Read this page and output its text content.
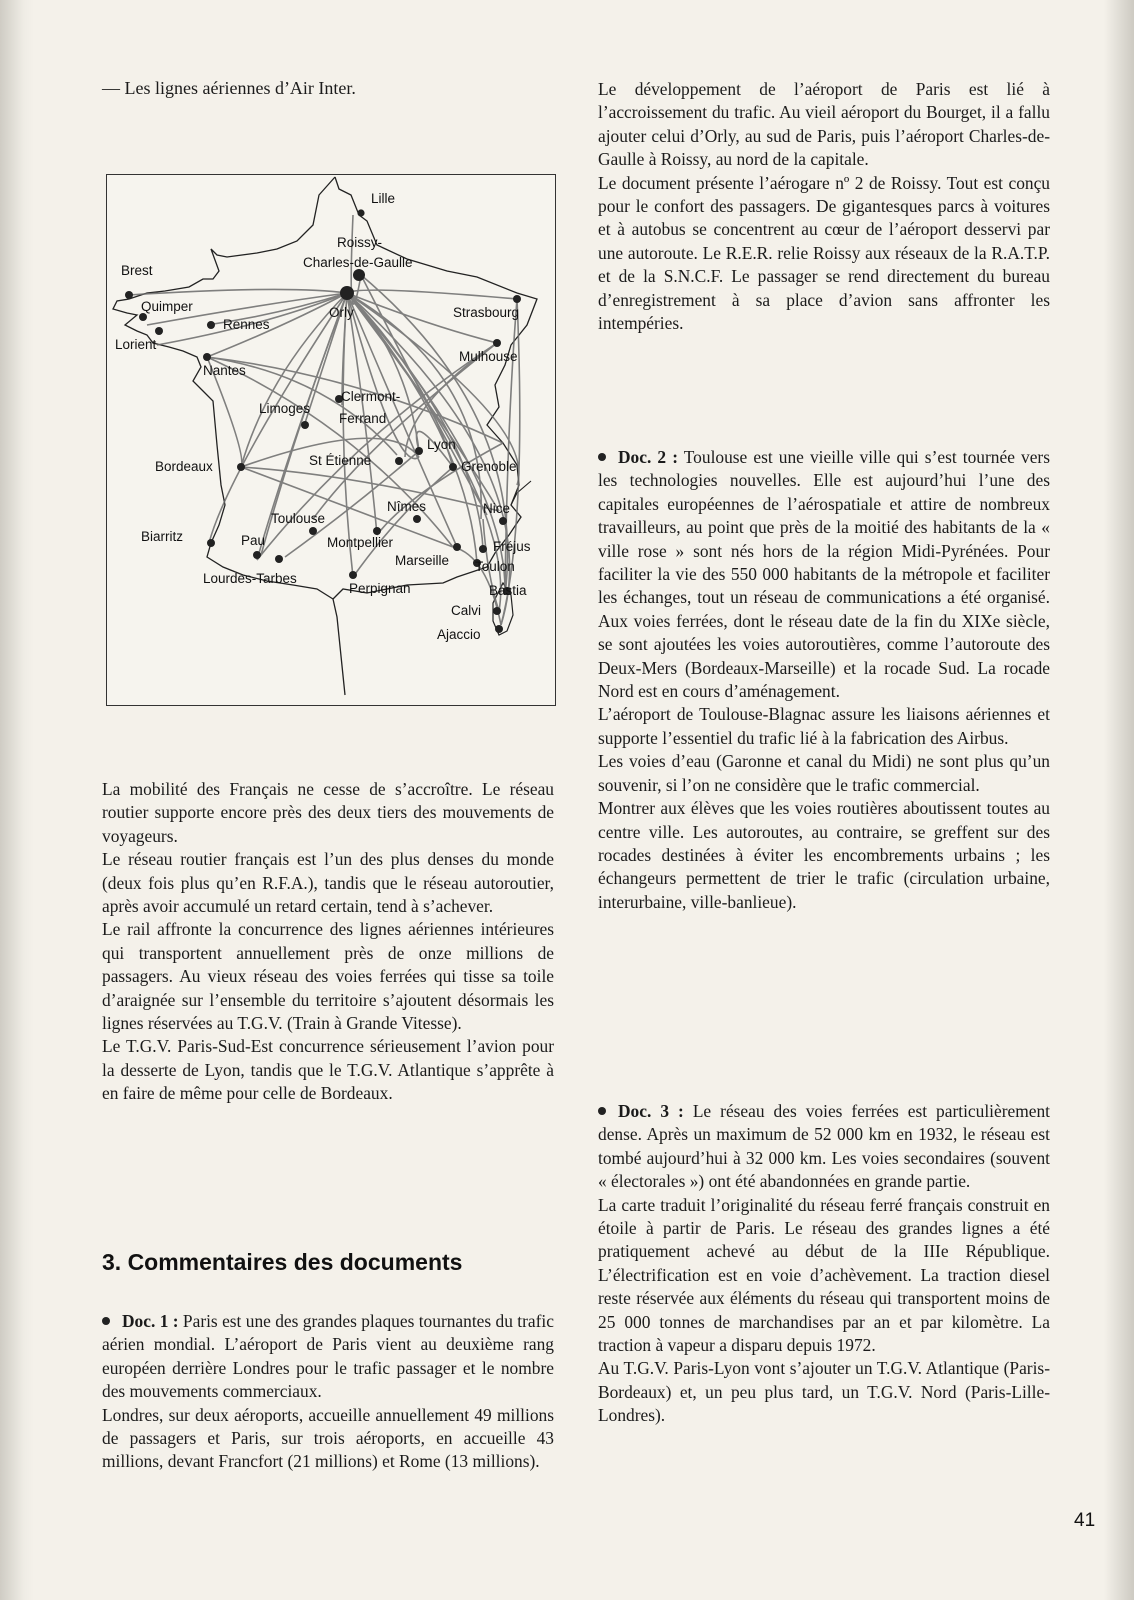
— Les lignes aériennes d’Air Inter.
Lille
Roissy-
Charles-de-Gaulle
Orly
Brest
Quimper
Rennes
Lorient
Nantes
Strasbourg
Mulhouse
Clermont-
Ferrand
Limoges
Lyon
Bordeaux	St Étienne	Grenoble
Nîmes	Nice
Toulouse
Biarritz	Pau	Montpellier	Fréjus
Marseille Toulon
Lourdes-Tarbes
Perpignan	Bastia
Calvi
Ajaccio

La mobilité des Français ne cesse de s’accroître. Le réseau routier supporte encore près des deux tiers des mouvements de voyageurs.

Le réseau routier français est l’un des plus denses du monde (deux fois plus qu’en R.F.A.), tandis que le réseau autoroutier, après avoir accumulé un retard certain, tend à s’achever.

Le rail affronte la concurrence des lignes aériennes intérieures qui transportent annuellement près de onze millions de passagers. Au vieux réseau des voies ferrées qui tisse sa toile d’araignée sur l’ensemble du territoire s’ajoutent désormais les lignes réservées au T.G.V. (Train à Grande Vitesse).

Le T.G.V. Paris-Sud-Est concurrence sérieusement l’avion pour la desserte de Lyon, tandis que le T.G.V. Atlantique s’apprête à en faire de même pour celle de Bordeaux.

3. Commentaires des documents

Doc. 1 : Paris est une des grandes plaques tournantes du trafic aérien mondial. L’aéroport de Paris vient au deuxième rang européen derrière Londres pour le trafic passager et le nombre des mouvements commerciaux.

Londres, sur deux aéroports, accueille annuellement 49 millions de passagers et Paris, sur trois aéroports, en accueille 43 millions, devant Francfort (21 millions) et Rome (13 millions).

Le développement de l’aéroport de Paris est lié à l’accroissement du trafic. Au vieil aéroport du Bourget, il a fallu ajouter celui d’Orly, au sud de Paris, puis l’aéroport Charles-de-Gaulle à Roissy, au nord de la capitale.

Le document présente l’aérogare nº 2 de Roissy. Tout est conçu pour le confort des passagers. De gigantesques parcs à voitures et à autobus se concentrent au cœur de l’aéroport desservi par une autoroute. Le R.E.R. relie Roissy aux réseaux de la R.A.T.P. et de la S.N.C.F. Le passager se rend directement du bureau d’enregistrement à sa place d’avion sans affronter les intempéries.

Doc. 2 : Toulouse est une vieille ville qui s’est tournée vers les technologies nouvelles. Elle est aujourd’hui l’une des capitales européennes de l’aérospatiale et attire de nombreux travailleurs, au point que près de la moitié des habitants de la « ville rose » sont nés hors de la région Midi-Pyrénées. Pour faciliter la vie des 550 000 habitants de la métropole et faciliter les échanges, tout un réseau de communications a été organisé. Aux voies ferrées, dont le réseau date de la fin du XIXe siècle, se sont ajoutées les voies autoroutières, comme l’autoroute des Deux-Mers (Bordeaux-Marseille) et la rocade Sud. La rocade Nord est en cours d’aménagement.

L’aéroport de Toulouse-Blagnac assure les liaisons aériennes et supporte l’essentiel du trafic lié à la fabrication des Airbus.

Les voies d’eau (Garonne et canal du Midi) ne sont plus qu’un souvenir, si l’on ne considère que le trafic commercial.

Montrer aux élèves que les voies routières aboutissent toutes au centre ville. Les autoroutes, au contraire, se greffent sur des rocades destinées à éviter les encombrements urbains ; les échangeurs permettent de trier le trafic (circulation urbaine, interurbaine, ville-banlieue).

Doc. 3 : Le réseau des voies ferrées est particulièrement dense. Après un maximum de 52 000 km en 1932, le réseau est tombé aujourd’hui à 32 000 km. Les voies secondaires (souvent « électorales ») ont été abandonnées en grande partie.

La carte traduit l’originalité du réseau ferré français construit en étoile à partir de Paris. Le réseau des grandes lignes a été pratiquement achevé au début de la IIIe République. L’électrification est en voie d’achèvement. La traction diesel reste réservée aux éléments du réseau qui transportent moins de 25 000 tonnes de marchandises par an et par kilomètre. La traction à vapeur a disparu depuis 1972.

Au T.G.V. Paris-Lyon vont s’ajouter un T.G.V. Atlantique (Paris-Bordeaux) et, un peu plus tard, un T.G.V. Nord (Paris-Lille-Londres).

41
